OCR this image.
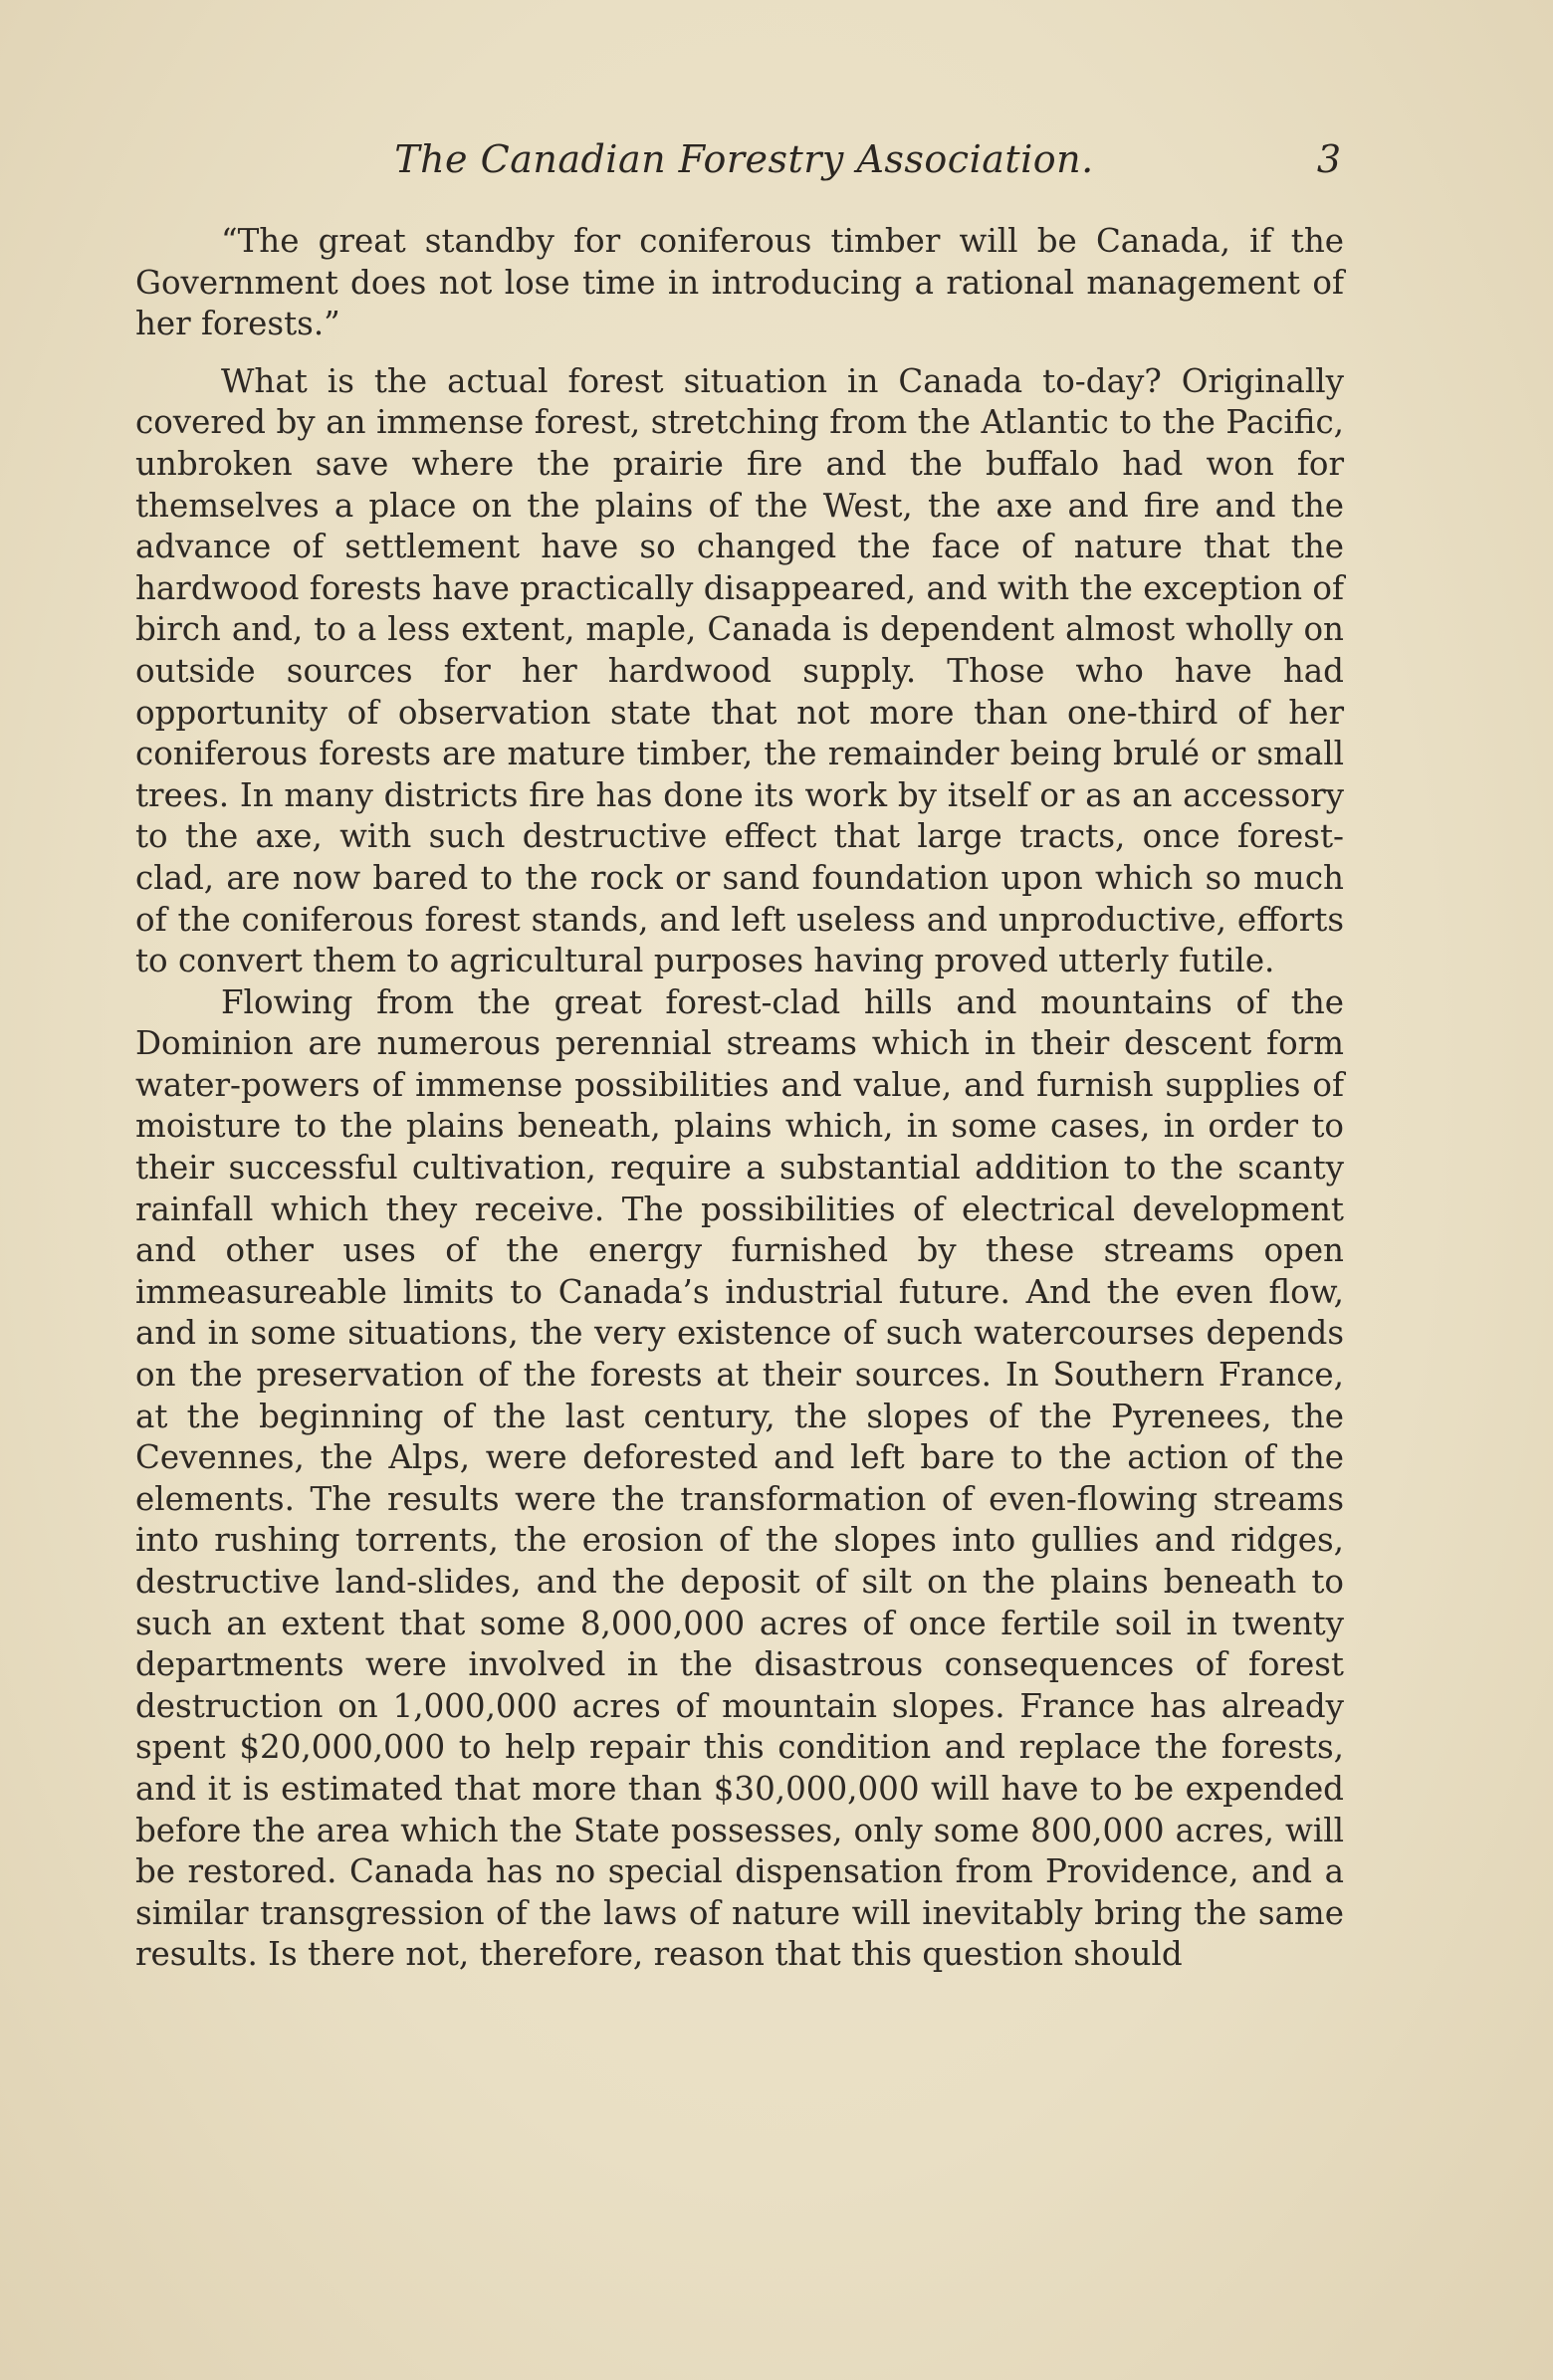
The Canadian Forestry Association.	3

“The great standby for coniferous timber will be Canada, if the Government does not lose time in introducing a rational management of her forests.”

What is the actual forest situation in Canada to-day? Originally covered by an immense forest, stretching from the Atlantic to the Pacific, unbroken save where the prairie fire and the buffalo had won for themselves a place on the plains of the West, the axe and fire and the advance of settlement have so changed the face of nature that the hardwood forests have practically disappeared, and with the exception of birch and, to a less extent, maple, Canada is dependent almost wholly on outside sources for her hardwood supply. Those who have had opportunity of observation state that not more than one-third of her coniferous forests are mature timber, the remainder being brulé or small trees. In many districts fire has done its work by itself or as an accessory to the axe, with such destructive effect that large tracts, once forest-clad, are now bared to the rock or sand foundation upon which so much of the coniferous forest stands, and left useless and unproductive, efforts to convert them to agricultural purposes having proved utterly futile.

Flowing from the great forest-clad hills and mountains of the Dominion are numerous perennial streams which in their descent form water-powers of immense possibilities and value, and furnish supplies of moisture to the plains beneath, plains which, in some cases, in order to their successful cultivation, require a substantial addition to the scanty rainfall which they receive. The possibilities of electrical development and other uses of the energy furnished by these streams open immeasureable limits to Canada’s industrial future. And the even flow, and in some situations, the very existence of such watercourses depends on the preservation of the forests at their sources. In Southern France, at the beginning of the last century, the slopes of the Pyrenees, the Cevennes, the Alps, were deforested and left bare to the action of the elements. The results were the transformation of even-flowing streams into rushing torrents, the erosion of the slopes into gullies and ridges, destructive land-slides, and the deposit of silt on the plains beneath to such an extent that some 8,000,000 acres of once fertile soil in twenty departments were involved in the disastrous consequences of forest destruction on 1,000,000 acres of mountain slopes. France has already spent $20,000,000 to help repair this condition and replace the forests, and it is estimated that more than $30,000,000 will have to be expended before the area which the State possesses, only some 800,000 acres, will be restored. Canada has no special dispensation from Providence, and a similar transgression of the laws of nature will inevitably bring the same results. Is there not, therefore, reason that this question should
